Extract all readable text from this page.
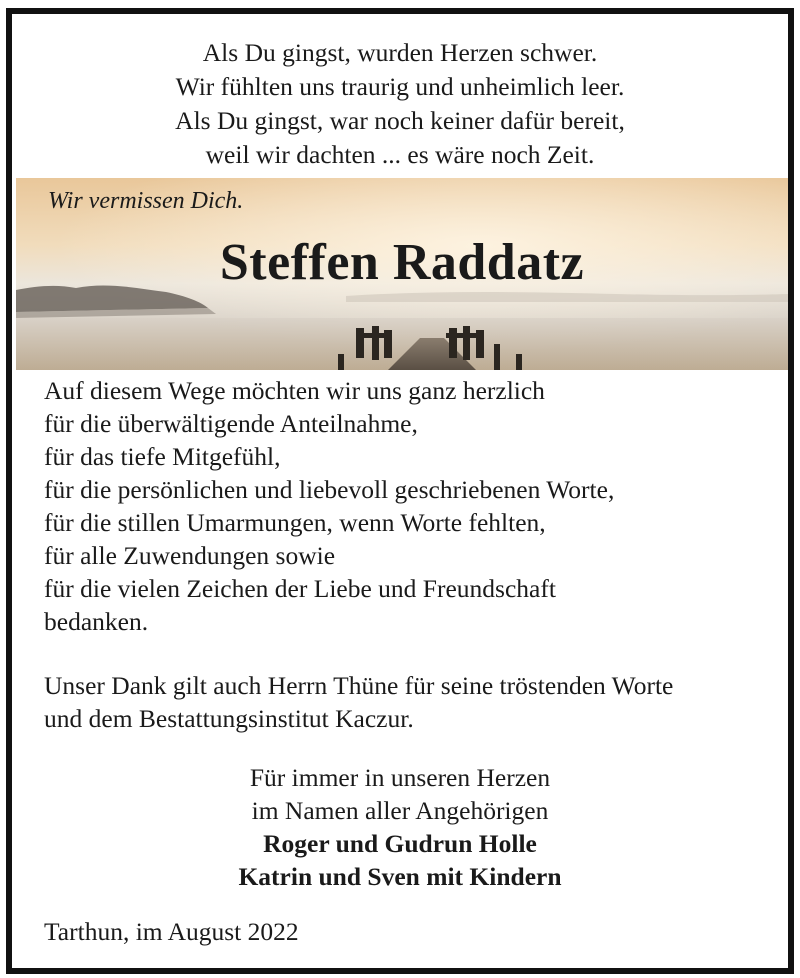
Als Du gingst, wurden Herzen schwer.
Wir fühlten uns traurig und unheimlich leer.
Als Du gingst, war noch keiner dafür bereit,
weil wir dachten ... es wäre noch Zeit.
Wir vermissen Dich.
Steffen Raddatz
Auf diesem Wege möchten wir uns ganz herzlich
für die überwältigende Anteilnahme,
für das tiefe Mitgefühl,
für die persönlichen und liebevoll geschriebenen Worte,
für die stillen Umarmungen, wenn Worte fehlten,
für alle Zuwendungen sowie
für die vielen Zeichen der Liebe und Freundschaft
bedanken.
Unser Dank gilt auch Herrn Thüne für seine tröstenden Worte
und dem Bestattungsinstitut Kaczur.
Für immer in unseren Herzen
im Namen aller Angehörigen
Roger und Gudrun Holle
Katrin und Sven mit Kindern
Tarthun, im August 2022
